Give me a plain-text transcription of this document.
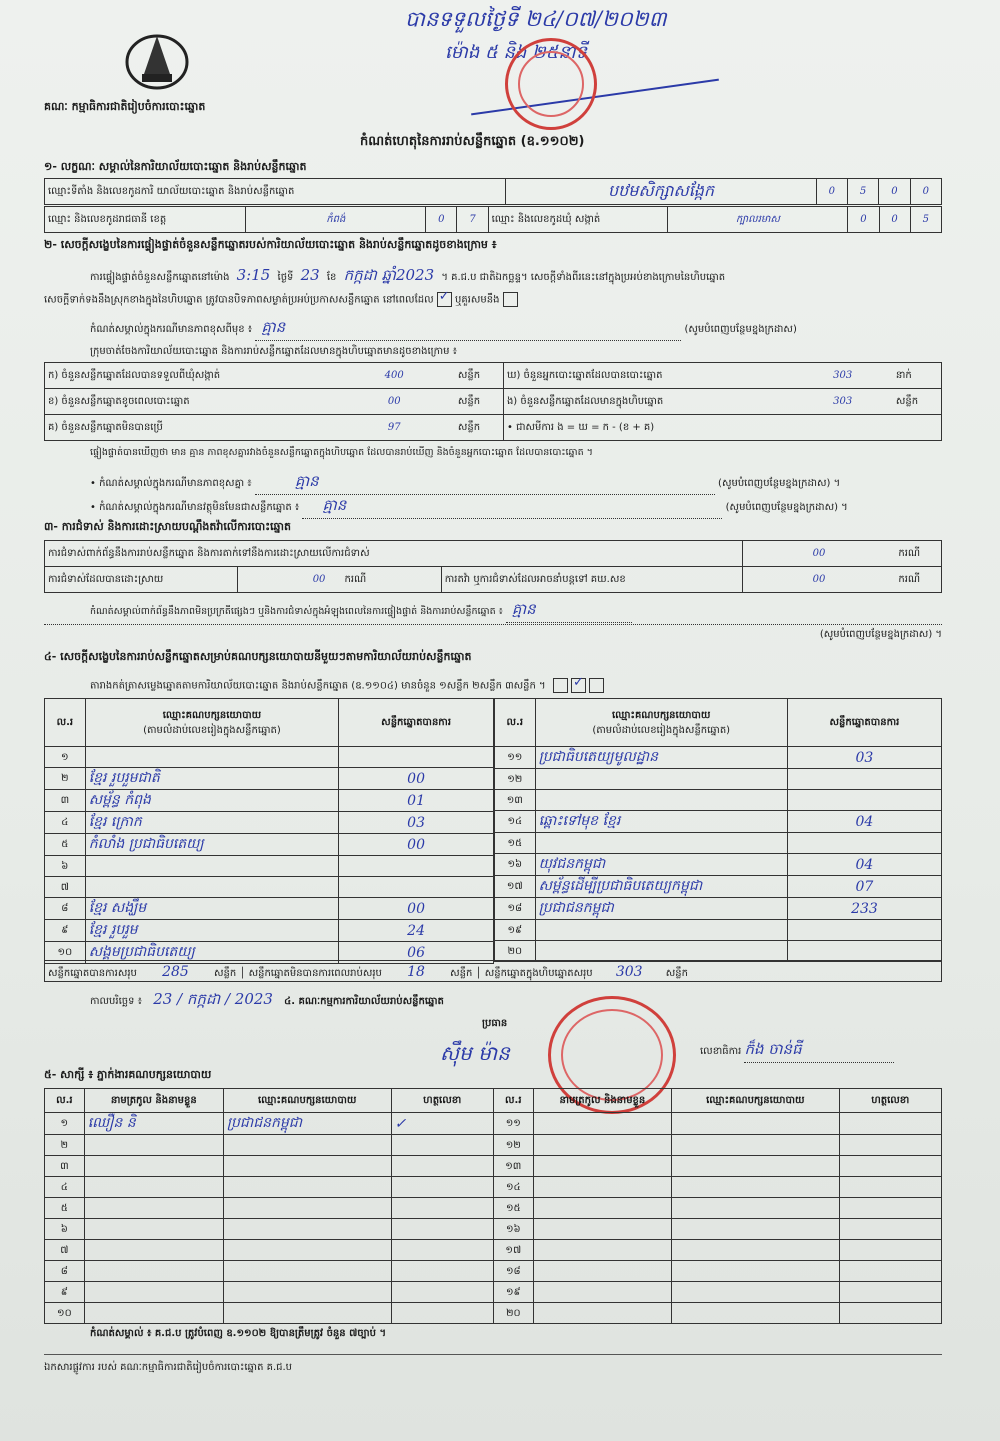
បានទទួលថ្ងៃទី ២៤/០៧/២០២៣
ម៉ោង ៥ និង ២៥នាទី
គណៈ កម្មាធិការជាតិរៀបចំការបោះឆ្នោត
កំណត់ហេតុនៃការរាប់សន្លឹកឆ្នោត (ឧ.១១០២)
១- លក្ខណៈ សម្គាល់នៃការិយាល័យបោះឆ្នោត និងរាប់សន្លឹកឆ្នោត
ឈ្មោះទីតាំង និងលេខកូដការិ យាល័យបោះឆ្នោត និងរាប់សន្លឹកឆ្នោត	បឋមសិក្សាសង្កែក	0	5	0	0
ឈ្មោះ និងលេខកូដរាជធានី ខេត្ត	កំពង់	0	7	ឈ្មោះ និងលេខកូដឃុំ សង្កាត់	ក្បាលរមាស	0	0	5
២- សេចក្តីសង្ខេបនៃការផ្ទៀងផ្ទាត់ចំនួនសន្លឹកឆ្នោតរបស់ការិយាល័យបោះឆ្នោត និងរាប់សន្លឹកឆ្នោតដូចខាងក្រោម ៖
ការផ្ទៀងផ្ទាត់ចំនួនសន្លឹកឆ្នោតនៅម៉ោង 3:15 ថ្ងៃទី 23 ខែ កក្កដា ឆ្នាំ2023 ។ គ.ជ.ប ជាតិឯកច្ឆន្ទ។ សេចក្តីទាំងពីរនេះនៅក្នុងប្រអប់ខាងក្រោមនៃហិបឆ្នោត
សេចក្តីទាក់ទងនឹងស្រុកខាងក្នុងនៃហិបឆ្នោត ត្រូវបានបិទភាពសម្ងាត់ប្រអប់ប្រកាសសន្លឹកឆ្នោត នៅពេលដែល ✓ ឬគួរសមនឹង
កំណត់សម្គាល់ក្នុងករណីមានភាពខុសពីមុខ ៖ គ្មាន	(សូមបំពេញបន្ថែមខ្នងក្រដាស)
ក្រុមចាត់ចែងការិយាល័យបោះឆ្នោត និងការរាប់សន្លឹកឆ្នោតដែលមានក្នុងហិបឆ្នោតមានដូចខាងក្រោម ៖
ក) ចំនួនសន្លឹកឆ្នោតដែលបានទទួលពីឃុំសង្កាត់	400	សន្លឹក	ឃ) ចំនួនអ្នកបោះឆ្នោតដែលបានបោះឆ្នោត	303	នាក់
ខ) ចំនួនសន្លឹកឆ្នោតខូចពេលបោះឆ្នោត	00	សន្លឹក	ង) ចំនួនសន្លឹកឆ្នោតដែលមានក្នុងហិបឆ្នោត	303	សន្លឹក
គ) ចំនួនសន្លឹកឆ្នោតមិនបានប្រើ	97	សន្លឹក	• ជាសមីការ ង = ឃ = ក - (ខ + គ)		
ផ្ទៀងផ្ទាត់បានឃើញថា មាន គ្មាន ភាពខុសគ្នារវាងចំនួនសន្លឹកឆ្នោតក្នុងហិបឆ្នោត ដែលបានរាប់ឃើញ និងចំនួនអ្នកបោះឆ្នោត ដែលបានបោះឆ្នោត ។
• កំណត់សម្គាល់ក្នុងករណីមានភាពខុសគ្នា ៖	គ្មាន	(សូមបំពេញបន្ថែមខ្នងក្រដាស) ។
• កំណត់សម្គាល់ក្នុងករណីមានវត្ថុមិនមែនជាសន្លឹកឆ្នោត ៖ គ្មាន	(សូមបំពេញបន្ថែមខ្នងក្រដាស) ។
៣- ការជំទាស់ និងការដោះស្រាយបណ្តឹងតវ៉ាលើការបោះឆ្នោត
ការជំទាស់ពាក់ព័ន្ធនឹងការរាប់សន្លឹកឆ្នោត និងការតាក់ទៅនឹងការដោះស្រាយលើការជំទាស់			00	ករណី
ការជំទាស់ដែលបានដោះស្រាយ	00 ករណី	ការតវ៉ា ឬការជំទាស់ដែលអាចនាំបន្តទៅ គឃ.សខ	00	ករណី
កំណត់សម្គាល់ពាក់ព័ន្ធនឹងភាពមិនប្រក្រតីផ្សេងៗ ឬនិងការជំទាស់ក្នុងអំឡុងពេលនៃការផ្ទៀងផ្ទាត់ និងការរាប់សន្លឹកឆ្នោត ៖ គ្មាន
(សូមបំពេញបន្ថែមខ្នងក្រដាស) ។
៤- សេចក្តីសង្ខេបនៃការរាប់សន្លឹកឆ្នោតសម្រាប់គណបក្សនយោបាយនីមួយៗតាមការិយាល័យរាប់សន្លឹកឆ្នោត
តារាងកត់ត្រាសម្លេងឆ្នោតតាមការិយាល័យបោះឆ្នោត និងរាប់សន្លឹកឆ្នោត (ឧ.១១០៤) មានចំនួន ១សន្លឹក ២សន្លឹក ៣សន្លឹក ។ ✓

ល.រ	ឈ្មោះគណបក្សនយោបាយ
(តាមលំដាប់លេខរៀងក្នុងសន្លឹកឆ្នោត)	សន្លឹកឆ្នោតបានការ
១		
២	ខ្មែរ រួបរួមជាតិ	00
៣	សម្ព័ន្ធ កំពុង	01
៤	ខ្មែរ ក្រោក	03
៥	កំលាំង ប្រជាធិបតេយ្យ	00
៦		
៧		
៨	ខ្មែរ សង្ឃឹម	00
៩	ខ្មែរ រួបរួម	24
១០	សង្គមប្រជាធិបតេយ្យ	06
ល.រ	ឈ្មោះគណបក្សនយោបាយ
(តាមលំដាប់លេខរៀងក្នុងសន្លឹកឆ្នោត)	សន្លឹកឆ្នោតបានការ
១១	ប្រជាធិបតេយ្យមូលដ្ឋាន	03
១២		
១៣		
១៤	ឆ្ពោះទៅមុខ ខ្មែរ	04
១៥		
១៦	យុវជនកម្ពុជា	04
១៧	សម្ព័ន្ធដើម្បីប្រជាធិបតេយ្យកម្ពុជា	07
១៨	ប្រជាជនកម្ពុជា	233
១៩		
២០		
សន្លឹកឆ្នោតបានការសរុប 285	សន្លឹក │ សន្លឹកឆ្នោតមិនបានការពេលរាប់សរុប 18	សន្លឹក │ សន្លឹកឆ្នោតក្នុងហិបឆ្នោតសរុប 303 សន្លឹក
កាលបរិច្ឆេទ ៖ 23 / កក្កដា / 2023 ៤. គណៈកម្មការការិយាល័យរាប់សន្លឹកឆ្នោត
ប្រធាន
ស៊ឹម ម៉ាន	លេខាធិការ ក៏ង ចាន់ធី
៥- សាក្សី ៖ ភ្នាក់ងារគណបក្សនយោបាយ
ល.រ	នាមត្រកូល និងនាមខ្លួន	ឈ្មោះគណបក្សនយោបាយ	ហត្ថលេខា	ល.រ	នាមត្រកូល និងនាមខ្លួន	ឈ្មោះគណបក្សនយោបាយ	ហត្ថលេខា
១	ឈឿន និ	ប្រជាជនកម្ពុជា	✓	១១			
២				១២			
៣				១៣			
៤				១៤			
៥				១៥			
៦				១៦			
៧				១៧			
៨				១៨			
៩				១៩			
១០				២០			
កំណត់សម្គាល់ ៖ គ.ជ.ប ត្រូវបំពេញ ឧ.១១០២ ឱ្យបានត្រឹមត្រូវ ចំនួន ៧ច្បាប់ ។
ឯកសារផ្លូវការ របស់ គណៈកម្មាធិការជាតិរៀបចំការបោះឆ្នោត គ.ជ.ប
